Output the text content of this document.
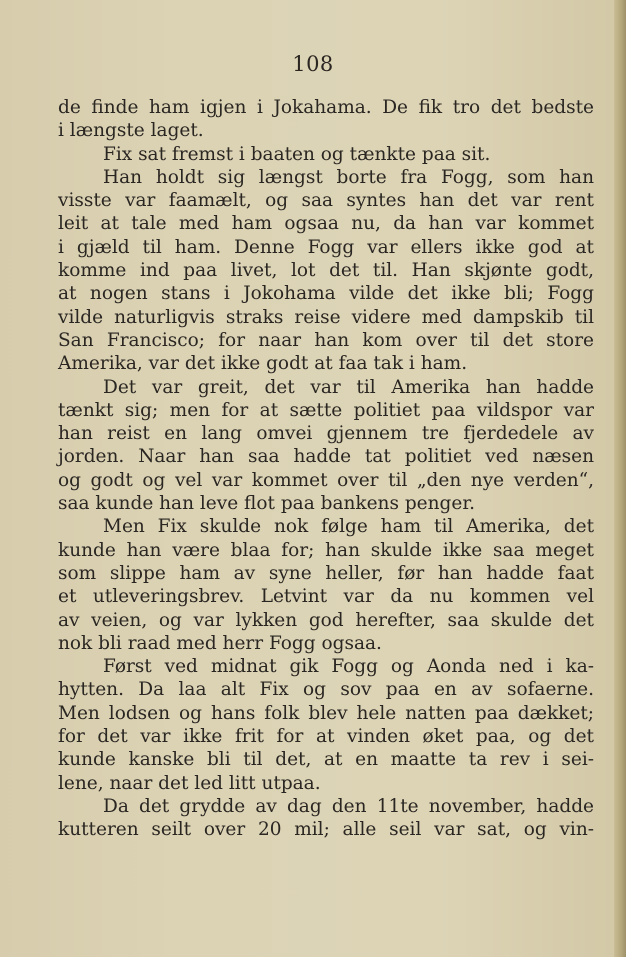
108
de finde ham igjen i Jokahama. De fik tro det bedste
i længste laget.
Fix sat fremst i baaten og tænkte paa sit.
Han holdt sig længst borte fra Fogg, som han
visste var faamælt, og saa syntes han det var rent
leit at tale med ham ogsaa nu, da han var kommet
i gjæld til ham. Denne Fogg var ellers ikke god at
komme ind paa livet, lot det til. Han skjønte godt,
at nogen stans i Jokohama vilde det ikke bli; Fogg
vilde naturligvis straks reise videre med dampskib til
San Francisco; for naar han kom over til det store
Amerika, var det ikke godt at faa tak i ham.
Det var greit, det var til Amerika han hadde
tænkt sig; men for at sætte politiet paa vildspor var
han reist en lang omvei gjennem tre fjerdedele av
jorden. Naar han saa hadde tat politiet ved næsen
og godt og vel var kommet over til „den nye verden“,
saa kunde han leve flot paa bankens penger.
Men Fix skulde nok følge ham til Amerika, det
kunde han være blaa for; han skulde ikke saa meget
som slippe ham av syne heller, før han hadde faat
et utleveringsbrev. Letvint var da nu kommen vel
av veien, og var lykken god herefter, saa skulde det
nok bli raad med herr Fogg ogsaa.
Først ved midnat gik Fogg og Aonda ned i ka-
hytten. Da laa alt Fix og sov paa en av sofaerne.
Men lodsen og hans folk blev hele natten paa dækket;
for det var ikke frit for at vinden øket paa, og det
kunde kanske bli til det, at en maatte ta rev i sei-
lene, naar det led litt utpaa.
Da det grydde av dag den 11te november, hadde
kutteren seilt over 20 mil; alle seil var sat, og vin-
